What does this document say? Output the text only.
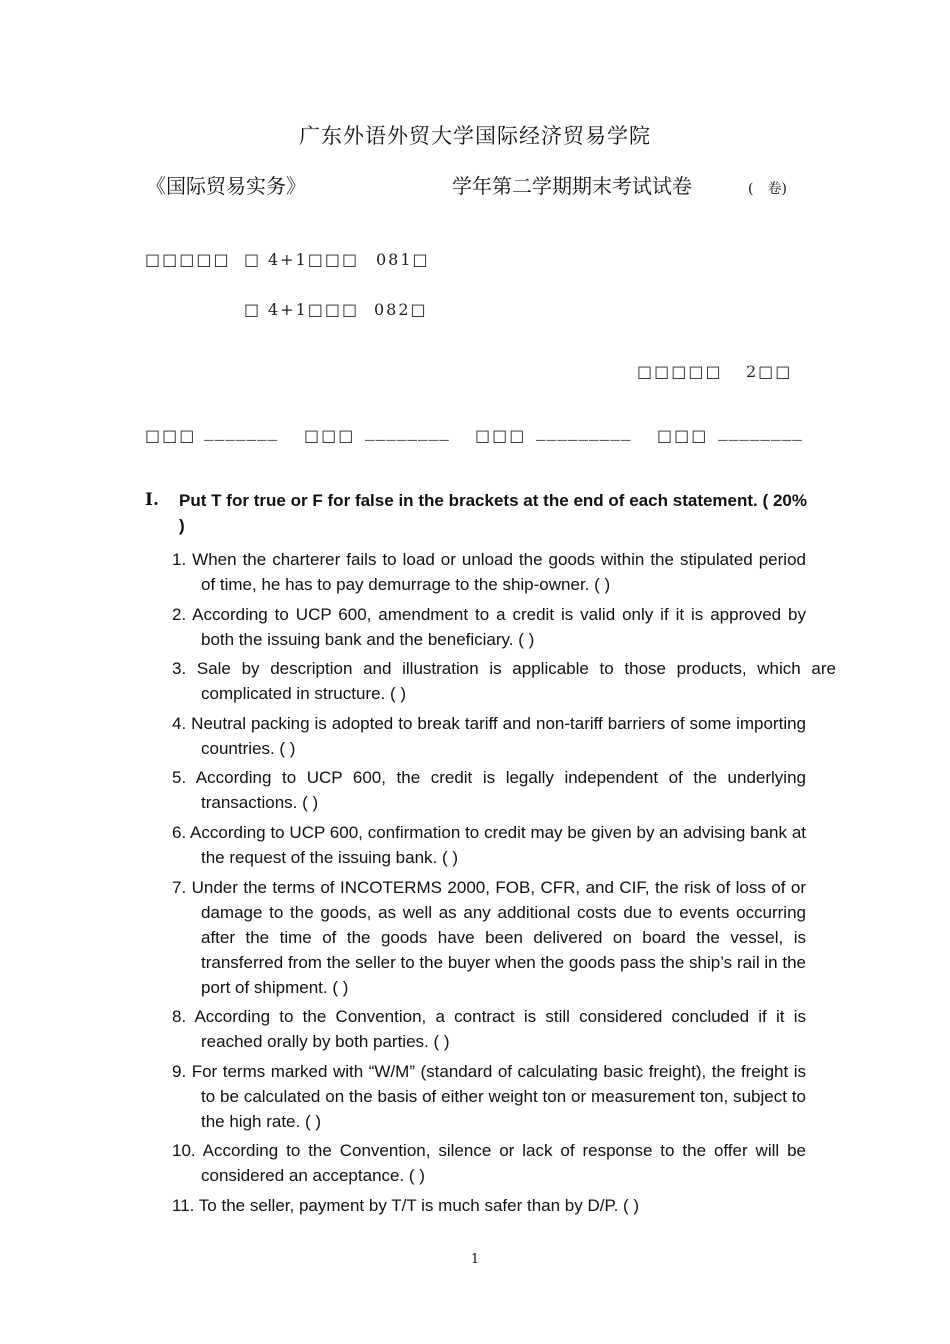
广东外语外贸大学国际经济贸易学院
《国际贸易实务》	学年第二学期期末考试试卷	(　卷)
□□□□□ □ 4+1□□□ 081□
□ 4+1□□□ 082□
□□□□□ 2□□
□□□ _______ □□□ ________ □□□ _________ □□□ ________
Ⅰ.	Put T for true or F for false in the brackets at the end of each statement. ( 20% )
1. When the charterer fails to load or unload the goods within the stipulated period of time, he has to pay demurrage to the ship-owner. ( )
2. According to UCP 600, amendment to a credit is valid only if it is approved by both the issuing bank and the beneficiary. ( )
3. Sale by description and illustration is applicable to those products, which are complicated in structure. ( )
4. Neutral packing is adopted to break tariff and non-tariff barriers of some importing countries. ( )
5. According to UCP 600, the credit is legally independent of the underlying transactions. ( )
6. According to UCP 600, confirmation to credit may be given by an advising bank at the request of the issuing bank. ( )
7. Under the terms of INCOTERMS 2000, FOB, CFR, and CIF, the risk of loss of or damage to the goods, as well as any additional costs due to events occurring after the time of the goods have been delivered on board the vessel, is transferred from the seller to the buyer when the goods pass the ship’s rail in the port of shipment. ( )
8. According to the Convention, a contract is still considered concluded if it is reached orally by both parties. ( )
9. For terms marked with “W/M” (standard of calculating basic freight), the freight is to be calculated on the basis of either weight ton or measurement ton, subject to the high rate. ( )
10. According to the Convention, silence or lack of response to the offer will be considered an acceptance. ( )
11. To the seller, payment by T/T is much safer than by D/P. ( )
1
